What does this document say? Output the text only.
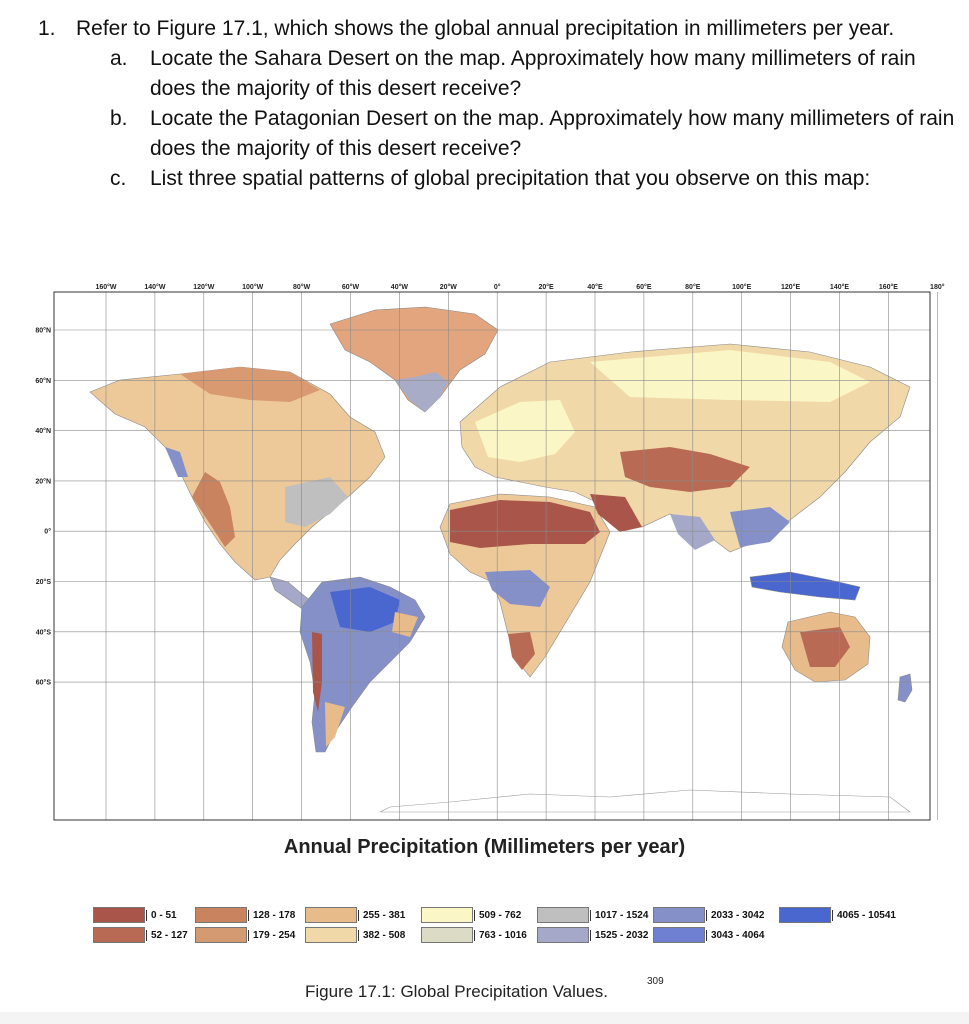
1. Refer to Figure 17.1, which shows the global annual precipitation in millimeters per year.
a.	Locate the Sahara Desert on the map. Approximately how many millimeters of rain does the majority of this desert receive?
b.	Locate the Patagonian Desert on the map. Approximately how many millimeters of rain does the majority of this desert receive?
c.	List three spatial patterns of global precipitation that you observe on this map:
160°W	140°W	120°W	100°W	80°W	60°W	40°W	20°W	0°	20°E	40°E	60°E	80°E	100°E	120°E	140°E	160°E	180°
80°N
60°N
40°N
20°N
0°
20°S
40°S
60°S
Annual Precipitation (Millimeters per year)
0 - 51
52 - 127
128 - 178
179 - 254
255 - 381
382 - 508
509 - 762
763 - 1016
1017 - 1524
1525 - 2032
2033 - 3042
3043 - 4064
4065 - 10541
Figure 17.1: Global Precipitation Values.
309
